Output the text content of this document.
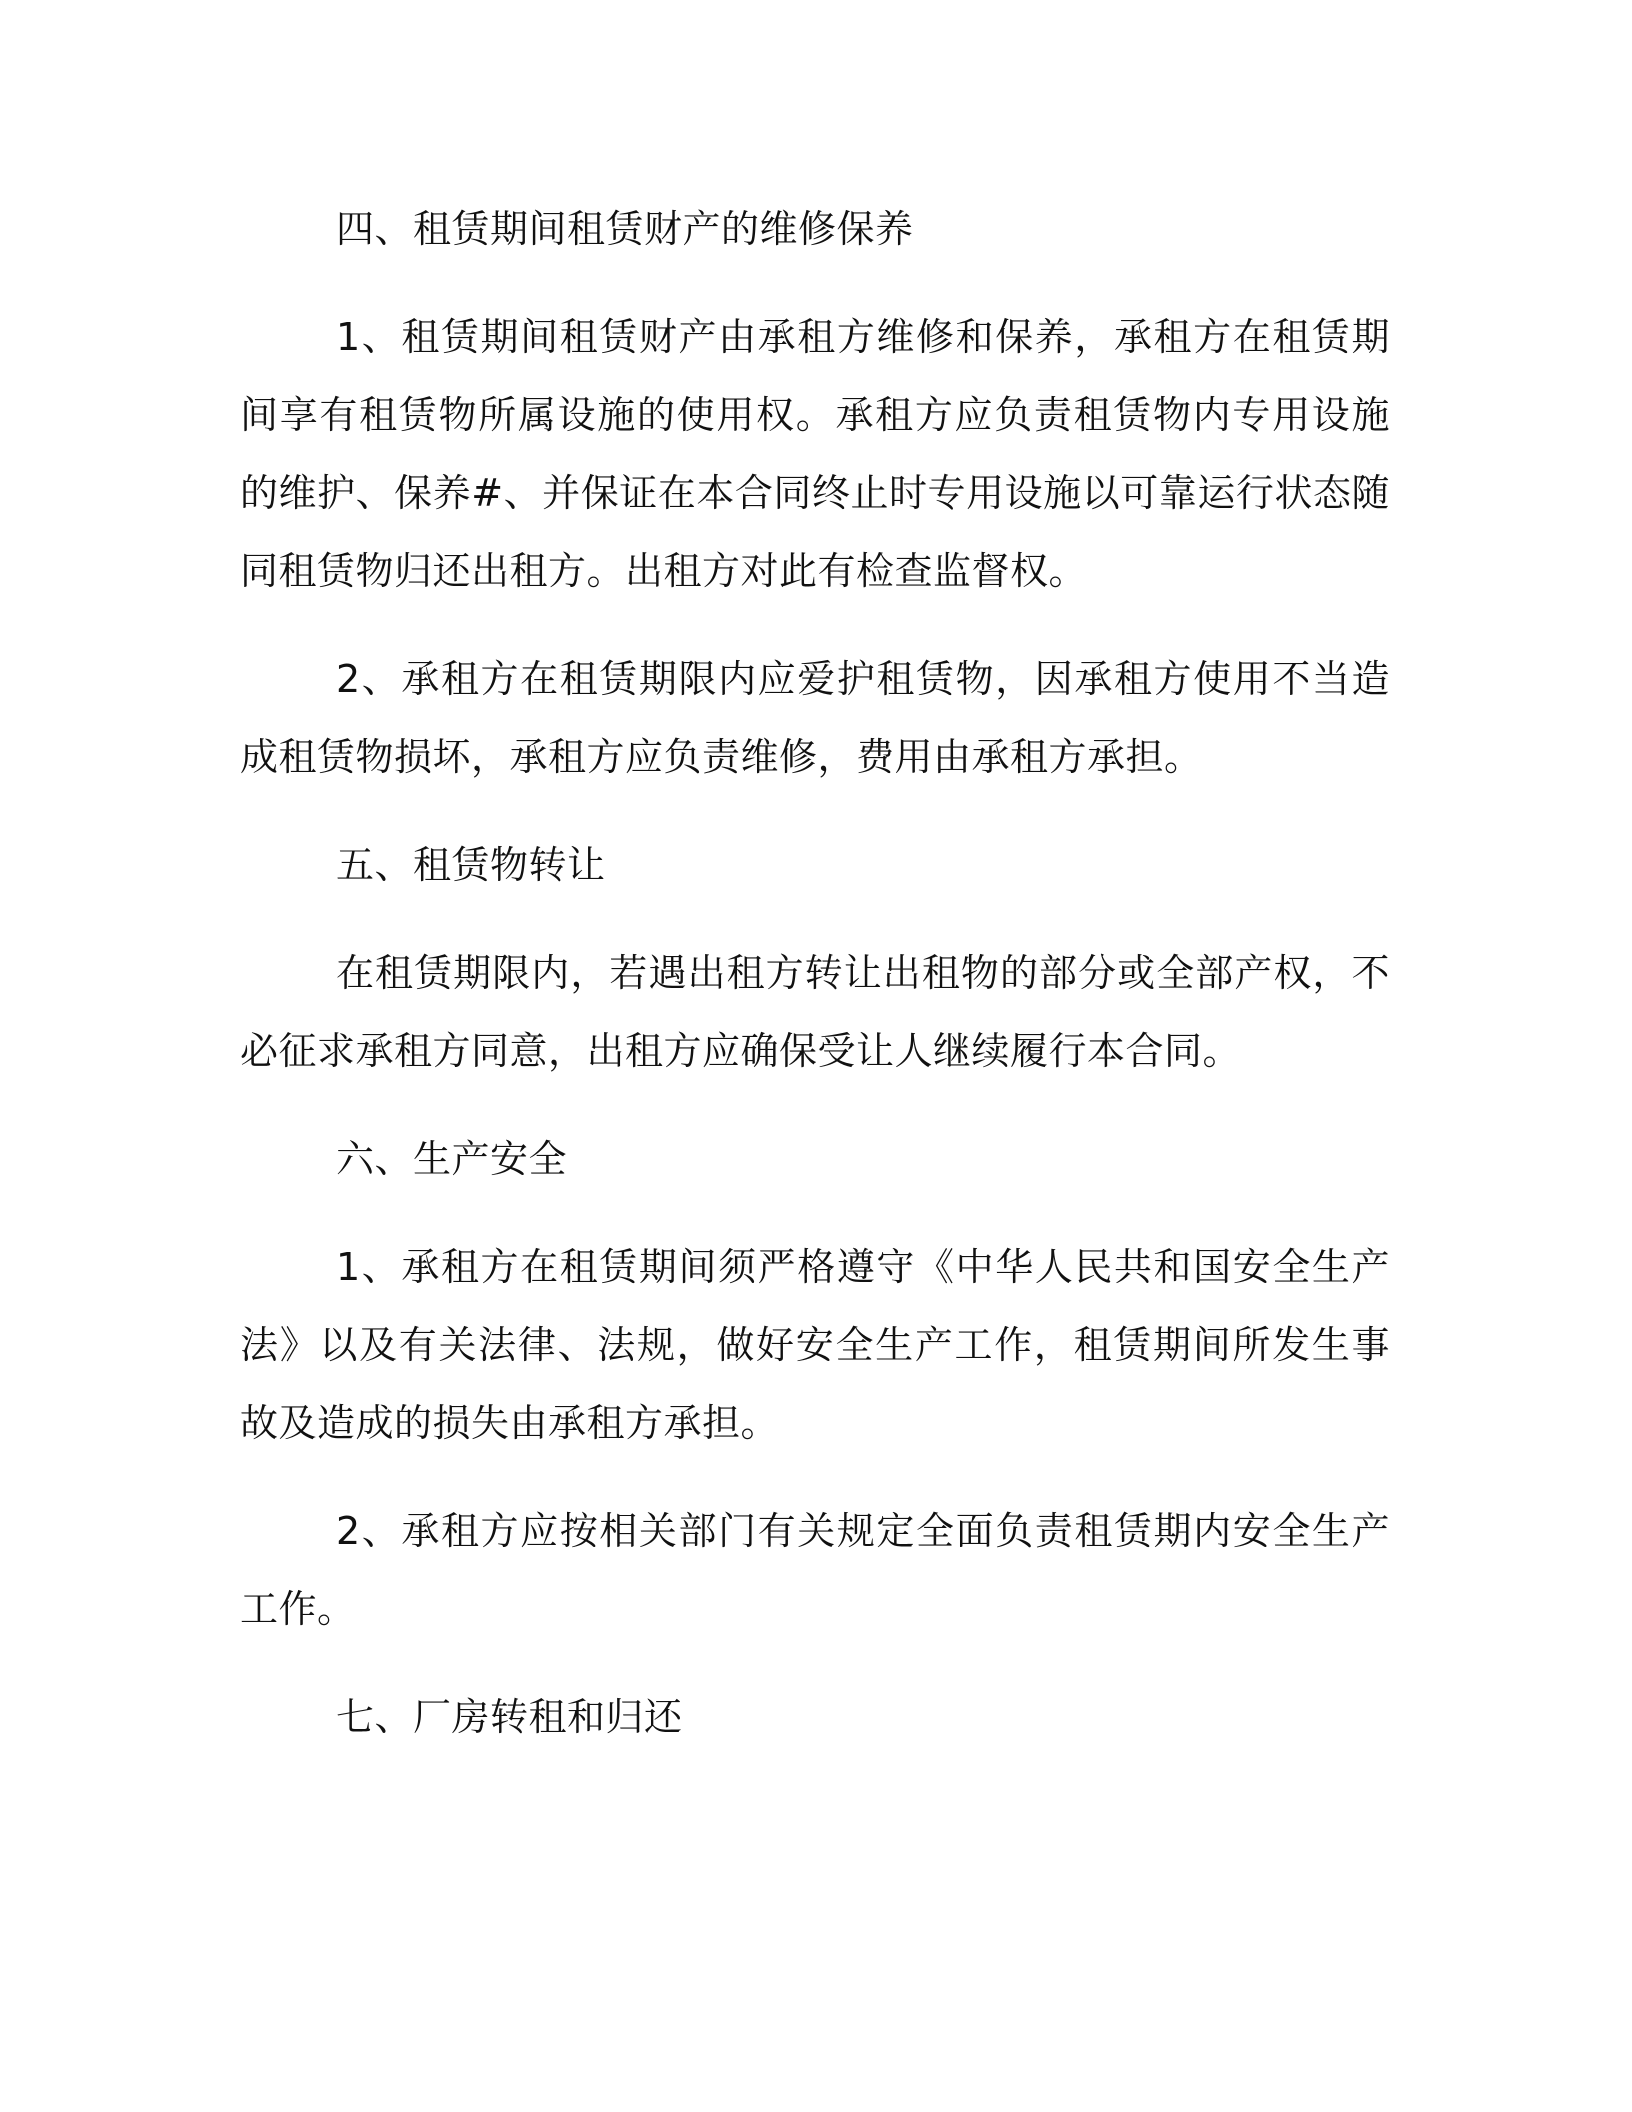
四、租赁期间租赁财产的维修保养

1、租赁期间租赁财产由承租方维修和保养，承租方在租赁期间享有租赁物所属设施的使用权。承租方应负责租赁物内专用设施的维护、保养#、并保证在本合同终止时专用设施以可靠运行状态随同租赁物归还出租方。出租方对此有检查监督权。

2、承租方在租赁期限内应爱护租赁物，因承租方使用不当造成租赁物损坏，承租方应负责维修，费用由承租方承担。

五、租赁物转让

在租赁期限内，若遇出租方转让出租物的部分或全部产权，不必征求承租方同意，出租方应确保受让人继续履行本合同。

六、生产安全

1、承租方在租赁期间须严格遵守《中华人民共和国安全生产法》以及有关法律、法规，做好安全生产工作，租赁期间所发生事故及造成的损失由承租方承担。

2、承租方应按相关部门有关规定全面负责租赁期内安全生产工作。

七、厂房转租和归还
